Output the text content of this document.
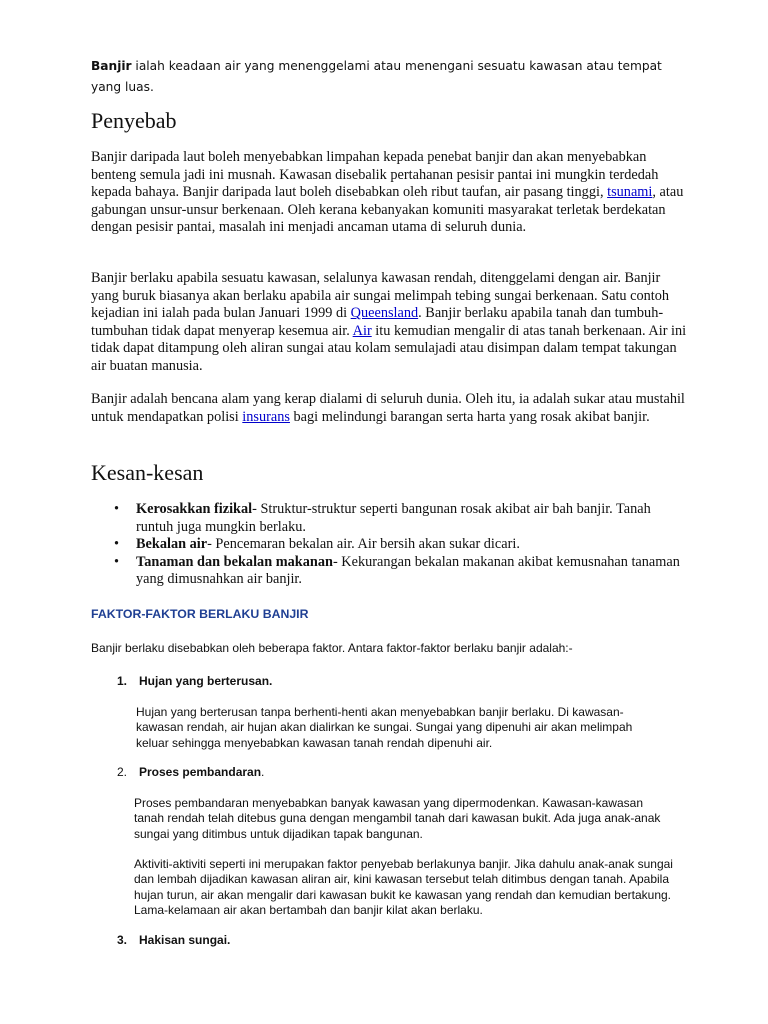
Banjir ialah keadaan air yang menenggelami atau menengani sesuatu kawasan atau tempat yang luas.

Penyebab

Banjir daripada laut boleh menyebabkan limpahan kepada penebat banjir dan akan menyebabkan benteng semula jadi ini musnah. Kawasan disebalik pertahanan pesisir pantai ini mungkin terdedah kepada bahaya. Banjir daripada laut boleh disebabkan oleh ribut taufan, air pasang tinggi, tsunami, atau gabungan unsur-unsur berkenaan. Oleh kerana kebanyakan komuniti masyarakat terletak berdekatan dengan pesisir pantai, masalah ini menjadi ancaman utama di seluruh dunia.

Banjir berlaku apabila sesuatu kawasan, selalunya kawasan rendah, ditenggelami dengan air. Banjir yang buruk biasanya akan berlaku apabila air sungai melimpah tebing sungai berkenaan. Satu contoh kejadian ini ialah pada bulan Januari 1999 di Queensland. Banjir berlaku apabila tanah dan tumbuh-tumbuhan tidak dapat menyerap kesemua air. Air itu kemudian mengalir di atas tanah berkenaan. Air ini tidak dapat ditampung oleh aliran sungai atau kolam semulajadi atau disimpan dalam tempat takungan air buatan manusia.

Banjir adalah bencana alam yang kerap dialami di seluruh dunia. Oleh itu, ia adalah sukar atau mustahil untuk mendapatkan polisi insurans bagi melindungi barangan serta harta yang rosak akibat banjir.

Kesan-kesan
• Kerosakkan fizikal- Struktur-struktur seperti bangunan rosak akibat air bah banjir. Tanah runtuh juga mungkin berlaku.
• Bekalan air- Pencemaran bekalan air. Air bersih akan sukar dicari.
• Tanaman dan bekalan makanan- Kekurangan bekalan makanan akibat kemusnahan tanaman yang dimusnahkan air banjir.

FAKTOR-FAKTOR BERLAKU BANJIR

Banjir berlaku disebabkan oleh beberapa faktor. Antara faktor-faktor berlaku banjir adalah:-

1. Hujan yang berterusan.

Hujan yang berterusan tanpa berhenti-henti akan menyebabkan banjir berlaku. Di kawasan-kawasan rendah, air hujan akan dialirkan ke sungai. Sungai yang dipenuhi air akan melimpah keluar sehingga menyebabkan kawasan tanah rendah dipenuhi air.

2. Proses pembandaran.

Proses pembandaran menyebabkan banyak kawasan yang dipermodenkan. Kawasan-kawasan tanah rendah telah ditebus guna dengan mengambil tanah dari kawasan bukit. Ada juga anak-anak sungai yang ditimbus untuk dijadikan tapak bangunan.

Aktiviti-aktiviti seperti ini merupakan faktor penyebab berlakunya banjir. Jika dahulu anak-anak sungai dan lembah dijadikan kawasan aliran air, kini kawasan tersebut telah ditimbus dengan tanah. Apabila hujan turun, air akan mengalir dari kawasan bukit ke kawasan yang rendah dan kemudian bertakung. Lama-kelamaan air akan bertambah dan banjir kilat akan berlaku.

3. Hakisan sungai.
